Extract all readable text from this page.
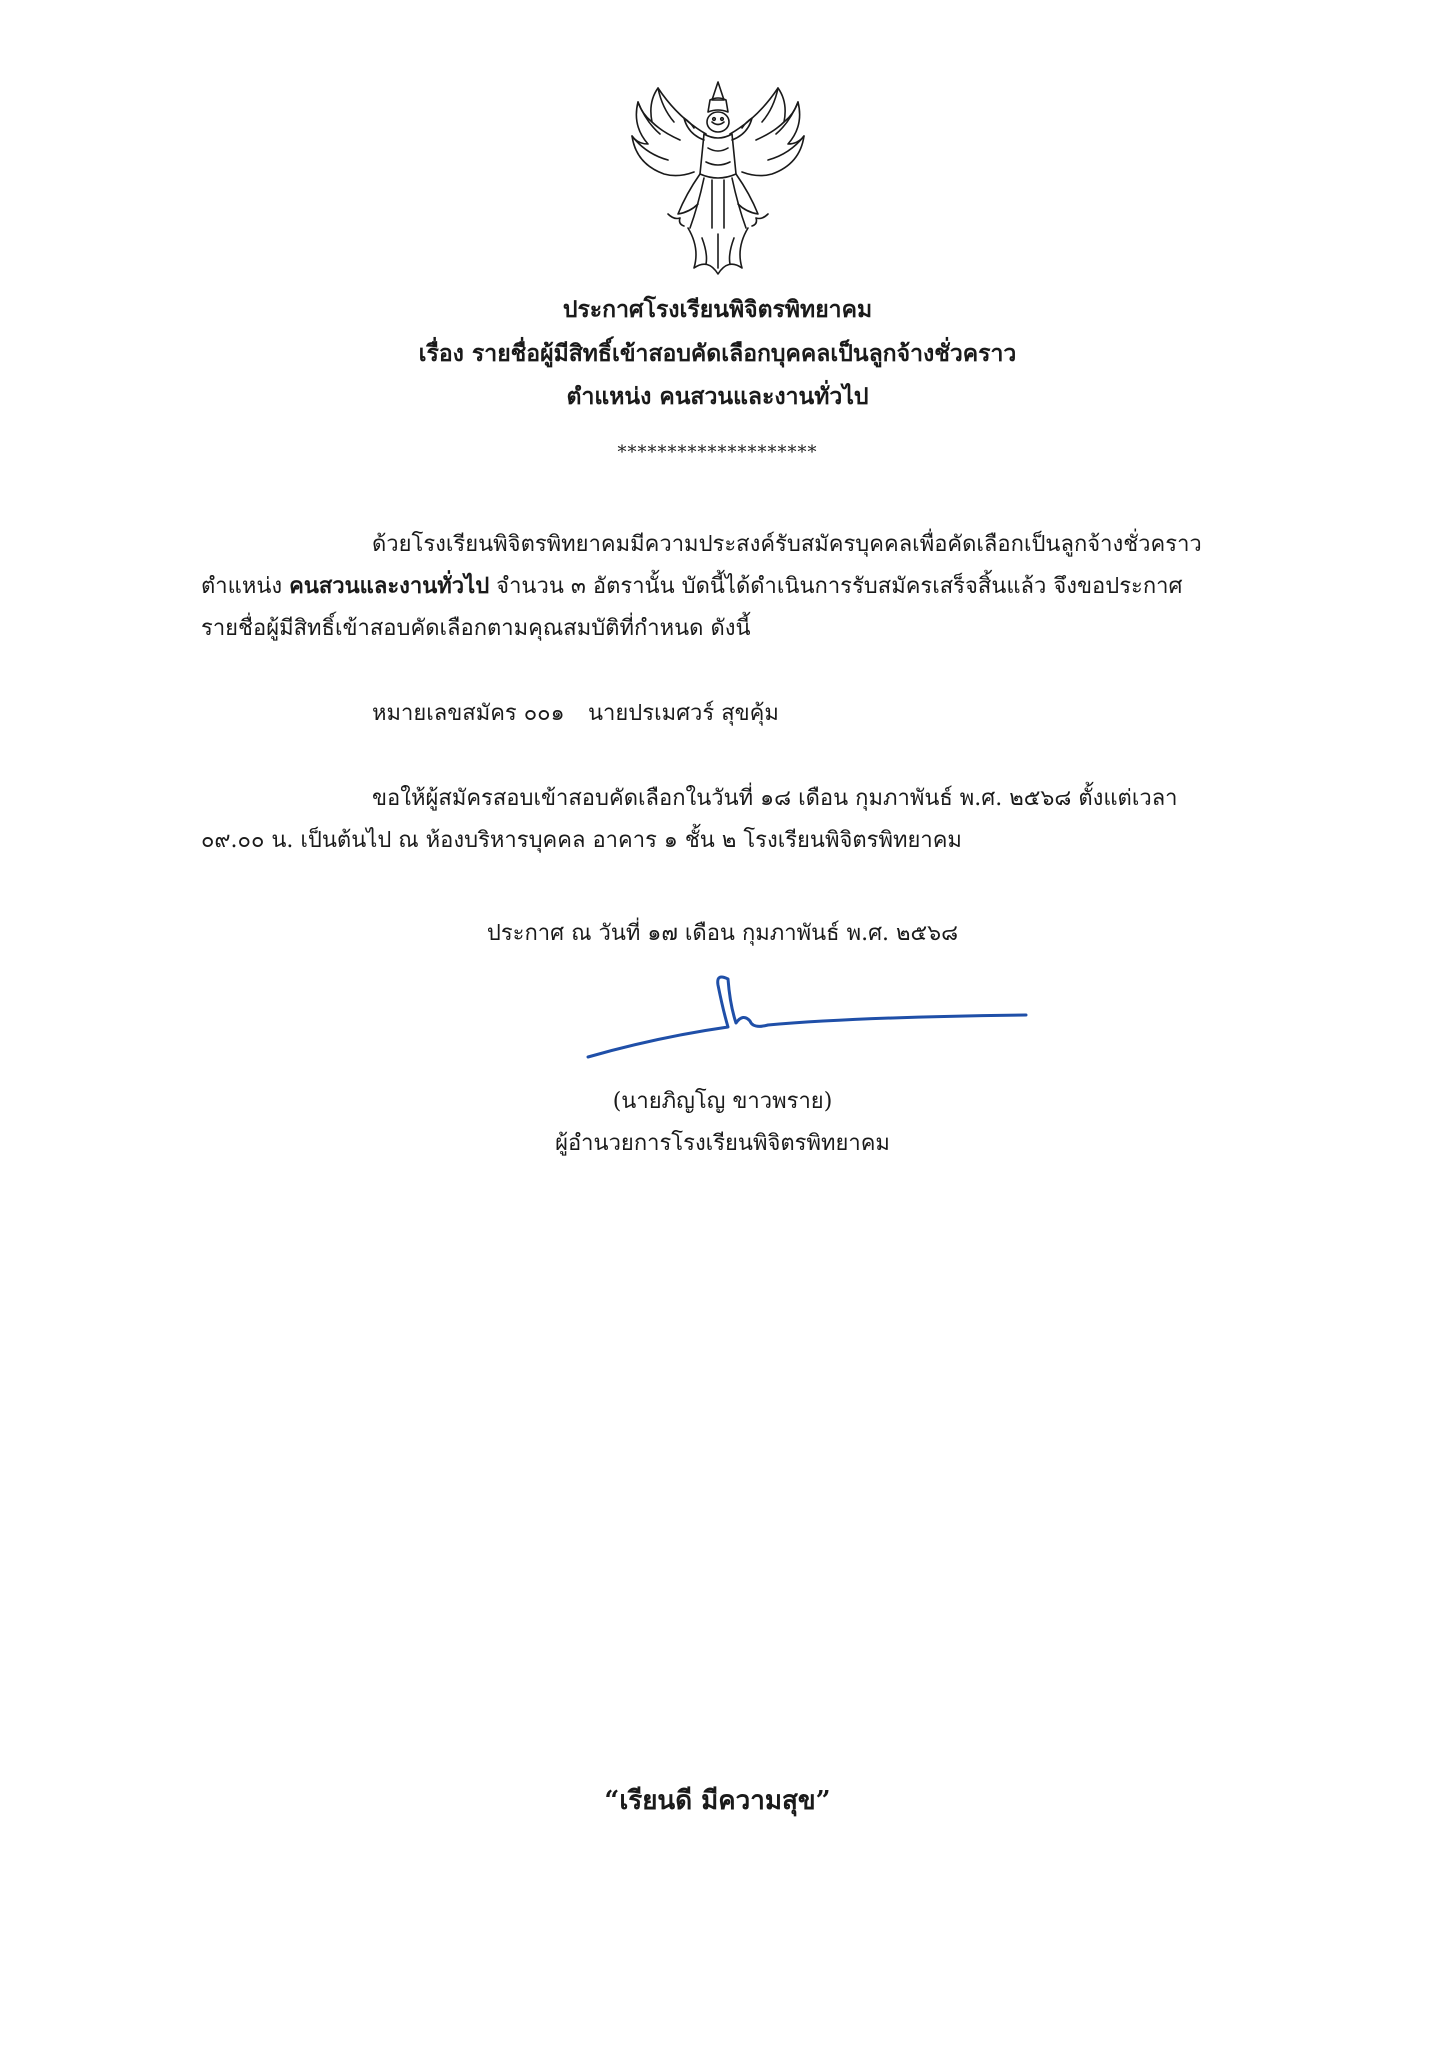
ประกาศโรงเรียนพิจิตรพิทยาคม
เรื่อง รายชื่อผู้มีสิทธิ์เข้าสอบคัดเลือกบุคคลเป็นลูกจ้างชั่วคราว
ตำแหน่ง คนสวนและงานทั่วไป
********************
ด้วยโรงเรียนพิจิตรพิทยาคมมีความประสงค์รับสมัครบุคคลเพื่อคัดเลือกเป็นลูกจ้างชั่วคราว
ตำแหน่ง คนสวนและงานทั่วไป จำนวน ๓ อัตรานั้น บัดนี้ได้ดำเนินการรับสมัครเสร็จสิ้นแล้ว จึงขอประกาศ
รายชื่อผู้มีสิทธิ์เข้าสอบคัดเลือกตามคุณสมบัติที่กำหนด ดังนี้
หมายเลขสมัคร ๐๐๑ นายปรเมศวร์ สุขคุ้ม
ขอให้ผู้สมัครสอบเข้าสอบคัดเลือกในวันที่ ๑๘ เดือน กุมภาพันธ์ พ.ศ. ๒๕๖๘ ตั้งแต่เวลา
๐๙.๐๐ น. เป็นต้นไป ณ ห้องบริหารบุคคล อาคาร ๑ ชั้น ๒ โรงเรียนพิจิตรพิทยาคม
ประกาศ ณ วันที่ ๑๗ เดือน กุมภาพันธ์ พ.ศ. ๒๕๖๘
(นายภิญโญ ขาวพราย)
ผู้อำนวยการโรงเรียนพิจิตรพิทยาคม
“เรียนดี มีความสุข”
